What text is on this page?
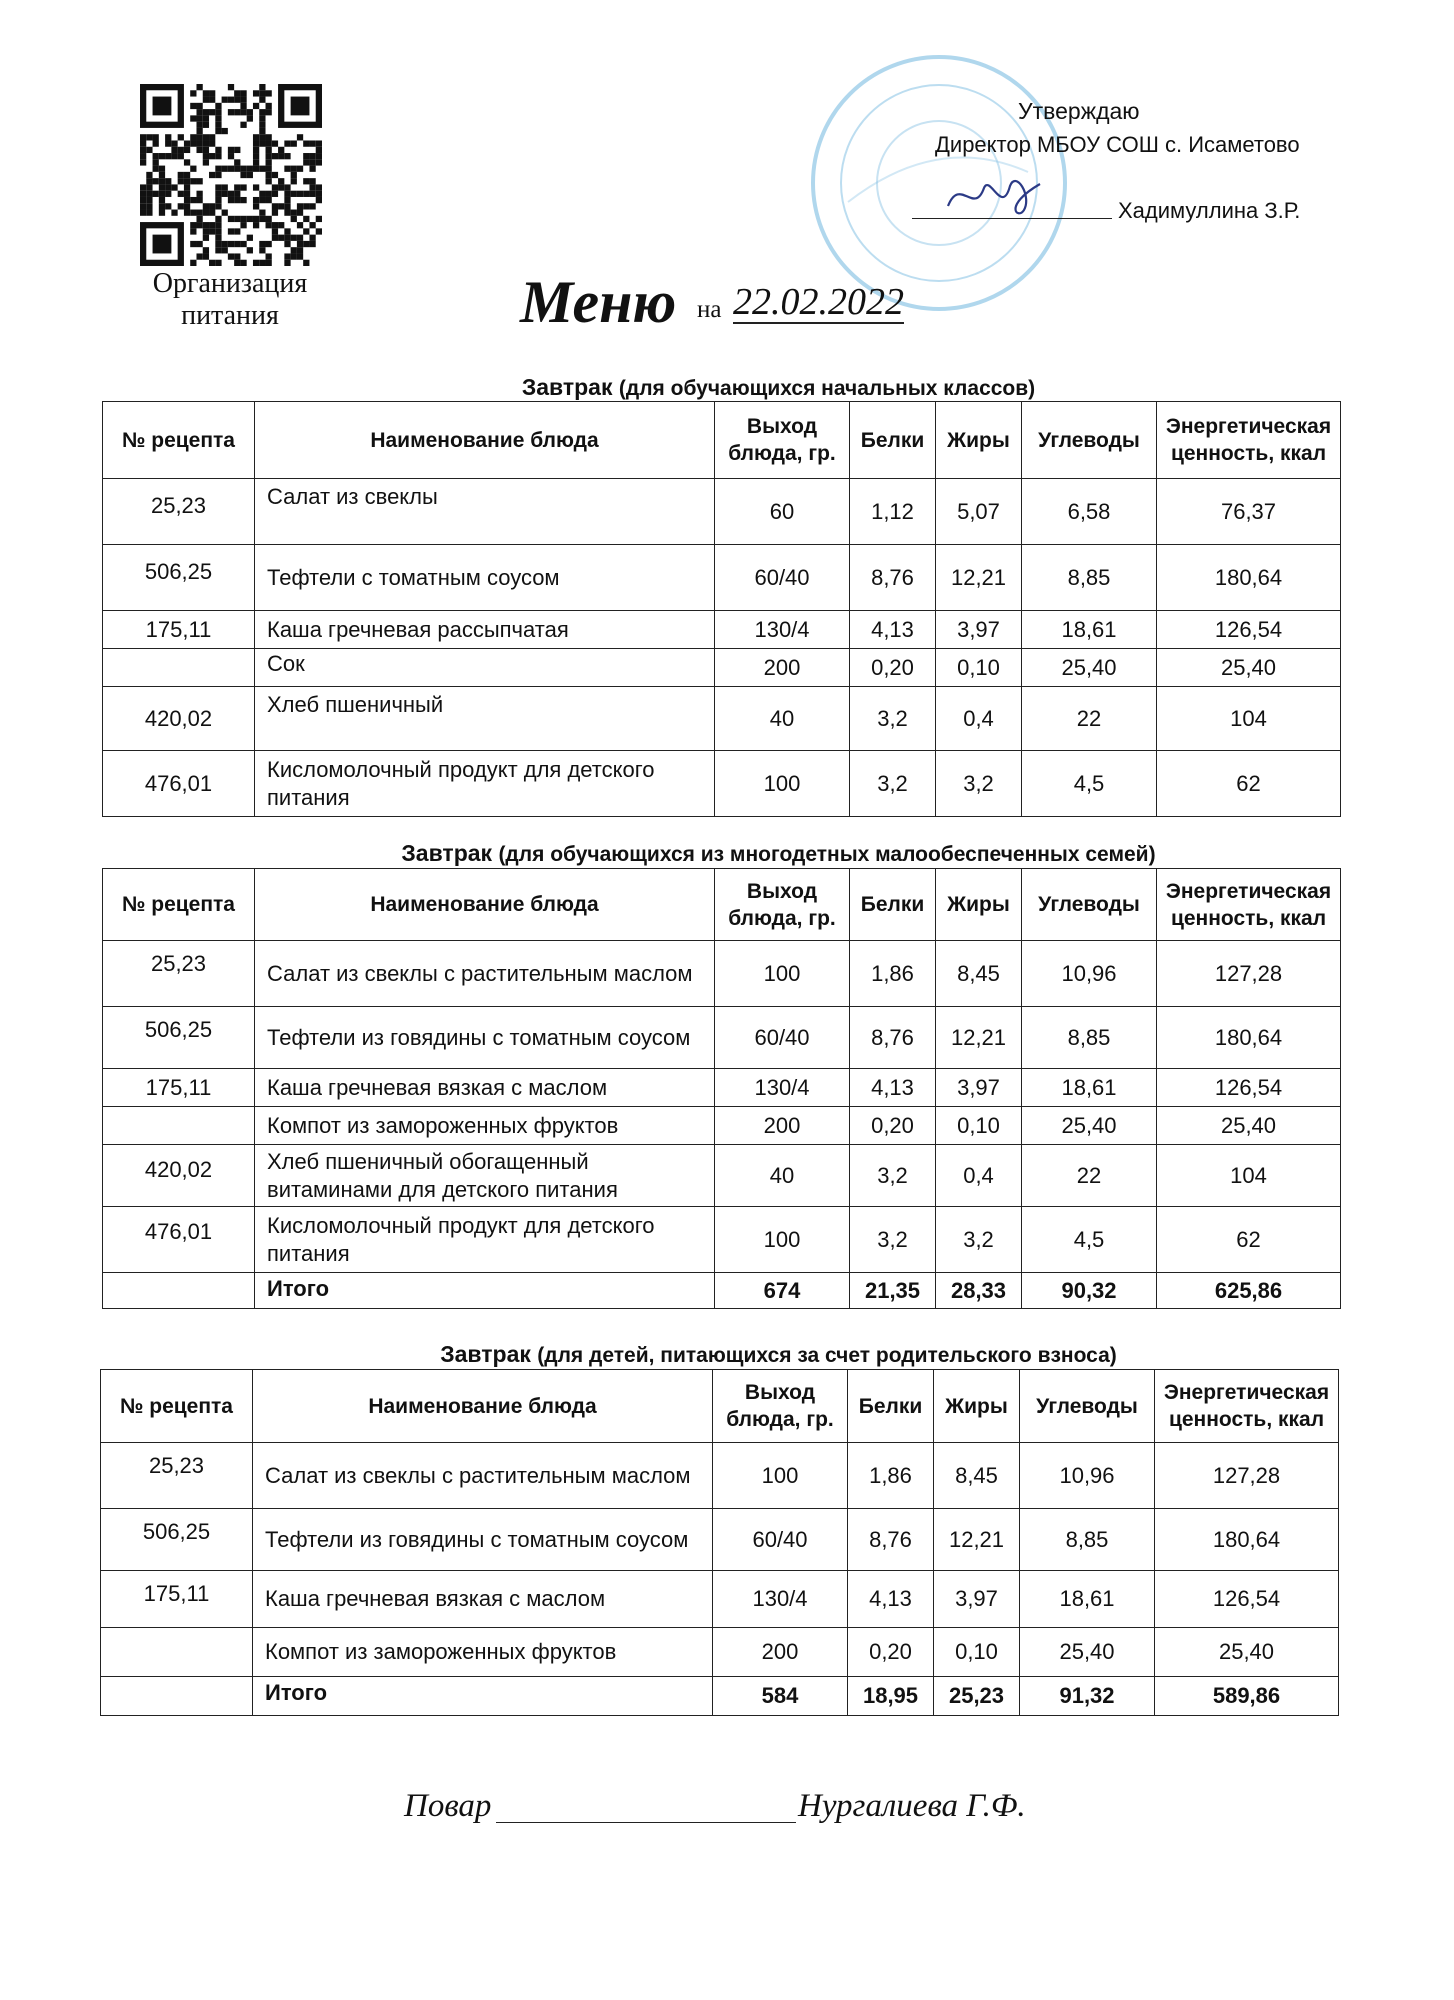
Организация
питания
Утверждаю
Директор МБОУ СОШ с. Исаметово
Хадимуллина З.Р.
Меню на 22.02.2022
Завтрак (для обучающихся начальных классов)
№ рецепта	Наименование блюда	Выход блюда, гр.	Белки	Жиры	Углеводы	Энергетическая ценность, ккал
25,23	Салат из свеклы	60	1,12	5,07	6,58	76,37
506,25	Тефтели с томатным соусом	60/40	8,76	12,21	8,85	180,64
175,11	Каша гречневая рассыпчатая	130/4	4,13	3,97	18,61	126,54
	Сок	200	0,20	0,10	25,40	25,40
420,02	Хлеб пшеничный	40	3,2	0,4	22	104
476,01	Кисломолочный продукт для детского питания	100	3,2	3,2	4,5	62
Завтрак (для обучающихся из многодетных малообеспеченных семей)
№ рецепта	Наименование блюда	Выход блюда, гр.	Белки	Жиры	Углеводы	Энергетическая ценность, ккал
25,23	Салат из свеклы с растительным маслом	100	1,86	8,45	10,96	127,28
506,25	Тефтели из говядины с томатным соусом	60/40	8,76	12,21	8,85	180,64
175,11	Каша гречневая вязкая с маслом	130/4	4,13	3,97	18,61	126,54
	Компот из замороженных фруктов	200	0,20	0,10	25,40	25,40
420,02	Хлеб пшеничный обогащенный витаминами для детского питания	40	3,2	0,4	22	104
476,01	Кисломолочный продукт для детского питания	100	3,2	3,2	4,5	62
	Итого	674	21,35	28,33	90,32	625,86
Завтрак (для детей, питающихся за счет родительского взноса)
№ рецепта	Наименование блюда	Выход блюда, гр.	Белки	Жиры	Углеводы	Энергетическая ценность, ккал
25,23	Салат из свеклы с растительным маслом	100	1,86	8,45	10,96	127,28
506,25	Тефтели из говядины с томатным соусом	60/40	8,76	12,21	8,85	180,64
175,11	Каша гречневая вязкая с маслом	130/4	4,13	3,97	18,61	126,54
	Компот из замороженных фруктов	200	0,20	0,10	25,40	25,40
	Итого	584	18,95	25,23	91,32	589,86
Повар	Нургалиева Г.Ф.
